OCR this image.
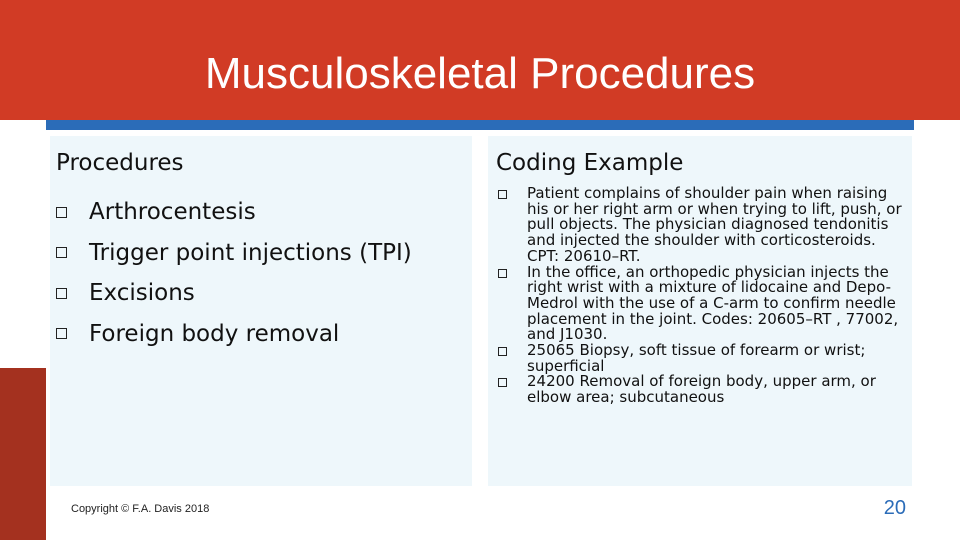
Musculoskeletal Procedures
Procedures
Arthrocentesis
Trigger point injections (TPI)
Excisions
Foreign body removal
Coding Example
Patient complains of shoulder pain when raising his or her right arm or when trying to lift, push, or pull objects. The physician diagnosed tendonitis and injected the shoulder with corticosteroids. CPT: 20610–RT.
In the office, an orthopedic physician injects the right wrist with a mixture of lidocaine and Depo-Medrol with the use of a C-arm to confirm needle placement in the joint. Codes: 20605–RT , 77002, and J1030.
25065 Biopsy, soft tissue of forearm or wrist; superficial
24200 Removal of foreign body, upper arm, or elbow area; subcutaneous
Copyright © F.A. Davis 2018	20
